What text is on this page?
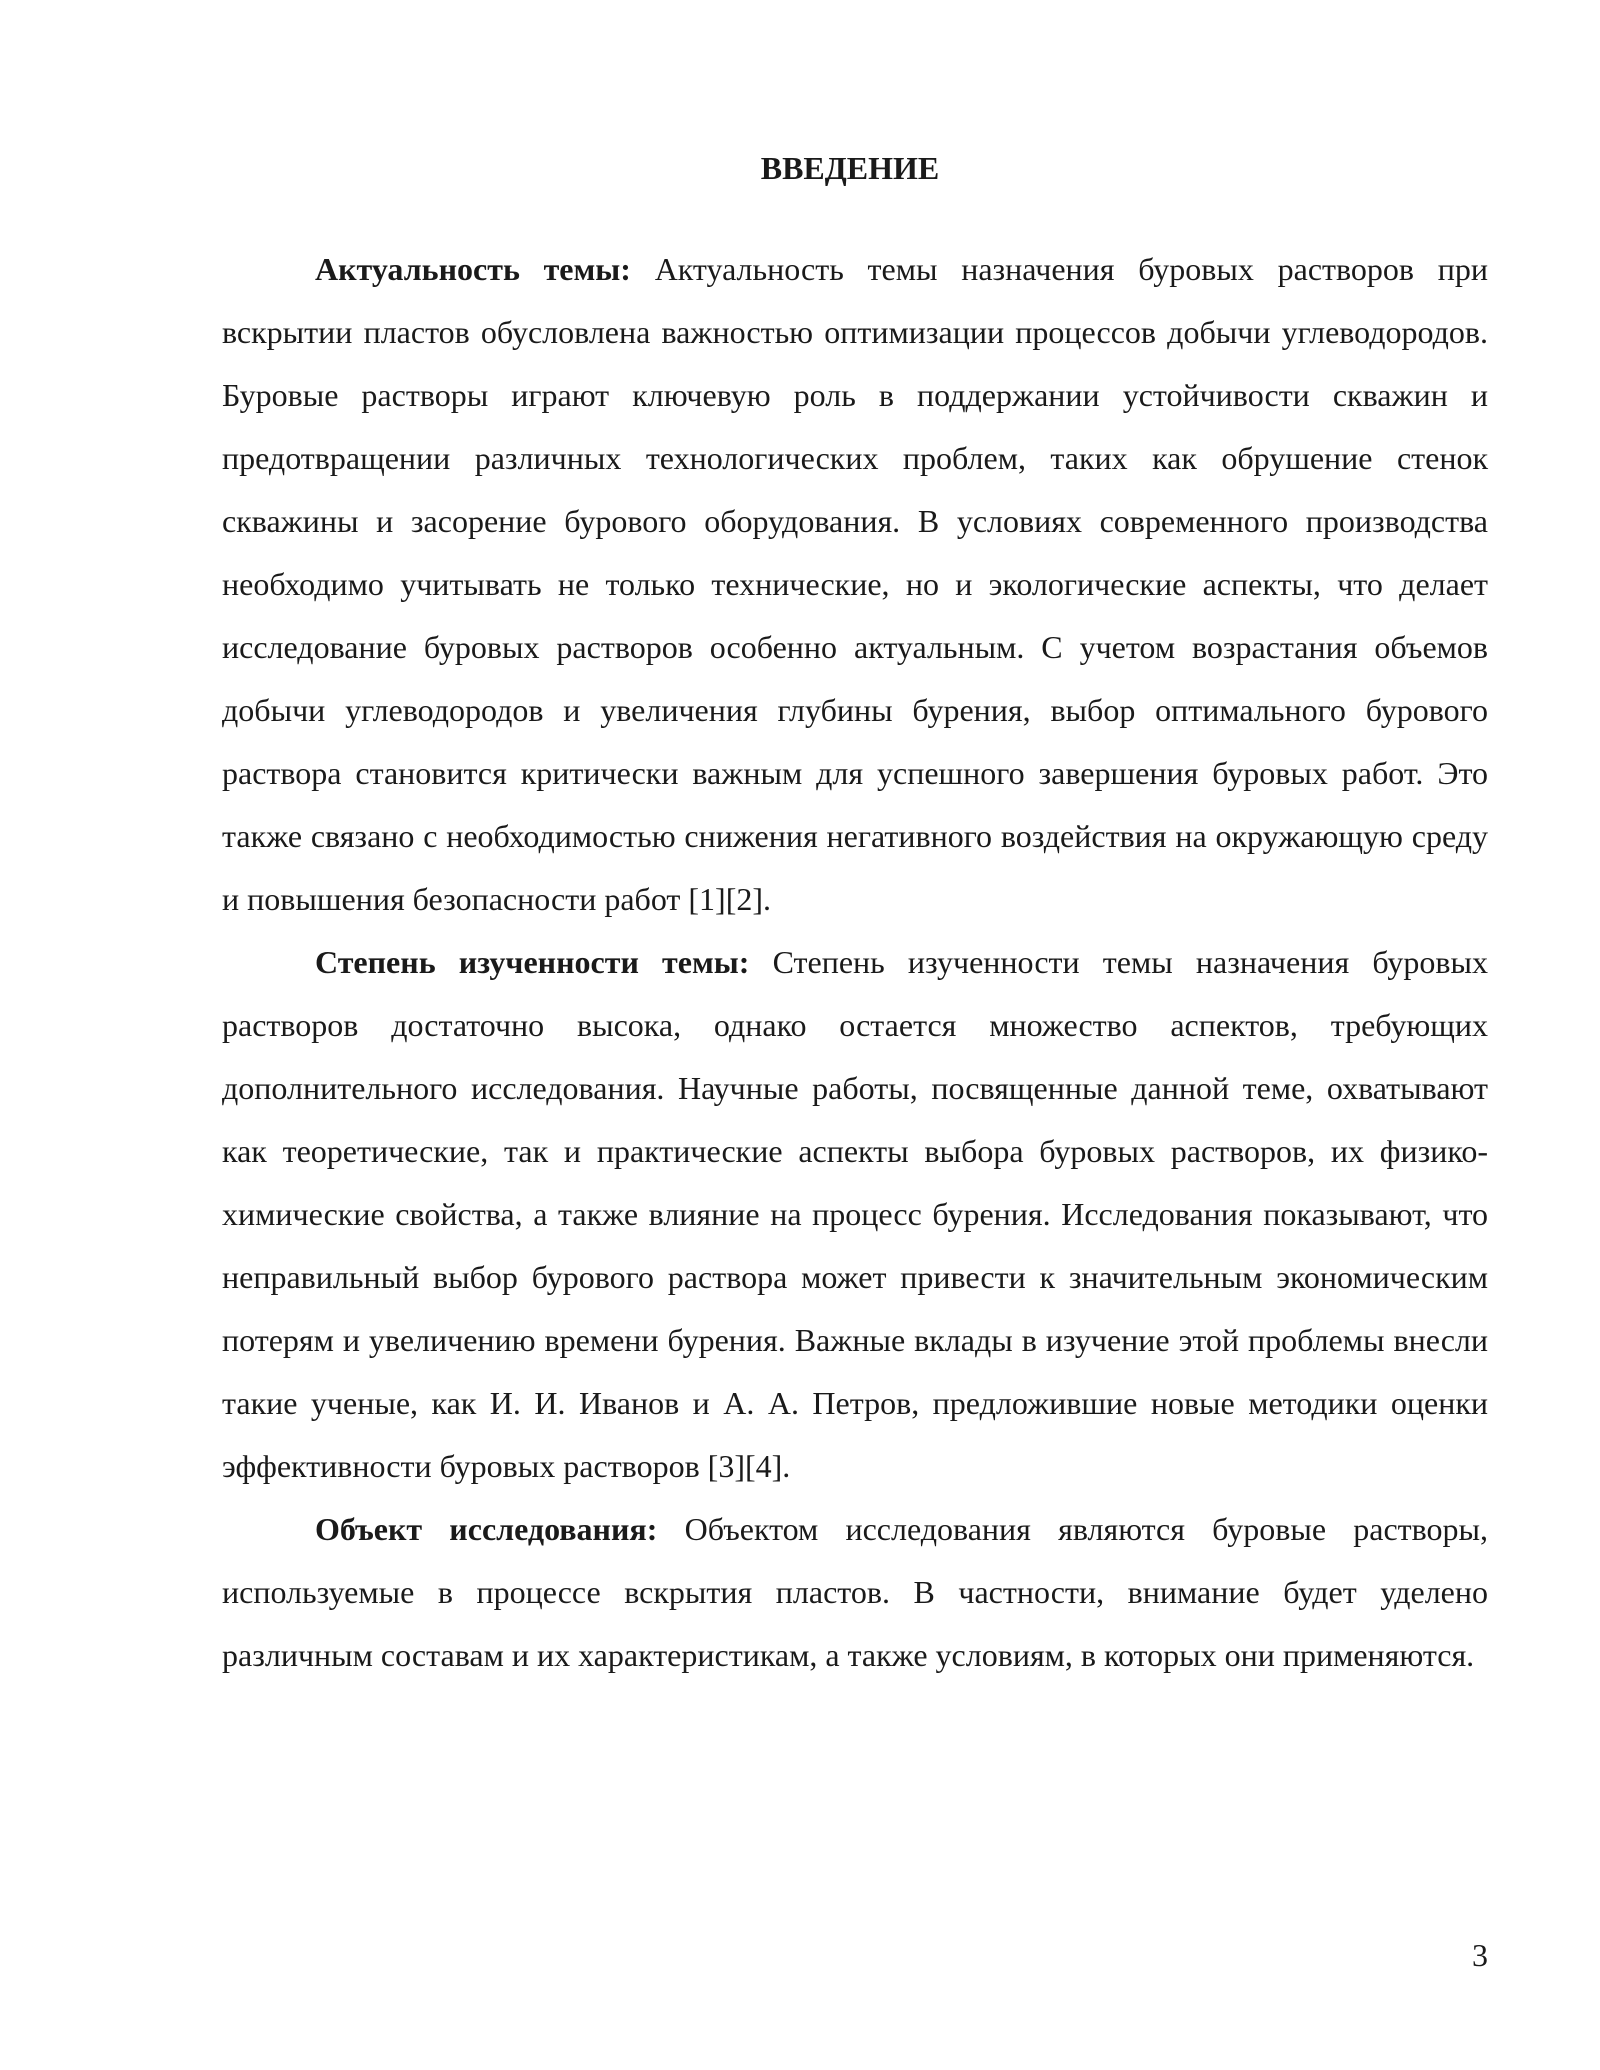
ВВЕДЕНИЕ

Актуальность темы: Актуальность темы назначения буровых растворов при вскрытии пластов обусловлена важностью оптимизации процессов добычи углеводородов. Буровые растворы играют ключевую роль в поддержании устойчивости скважин и предотвращении различных технологических проблем, таких как обрушение стенок скважины и засорение бурового оборудования. В условиях современного производства необходимо учитывать не только технические, но и экологические аспекты, что делает исследование буровых растворов особенно актуальным. С учетом возрастания объемов добычи углеводородов и увеличения глубины бурения, выбор оптимального бурового раствора становится критически важным для успешного завершения буровых работ. Это также связано с необходимостью снижения негативного воздействия на окружающую среду и повышения безопасности работ [1][2].

Степень изученности темы: Степень изученности темы назначения буровых растворов достаточно высока, однако остается множество аспектов, требующих дополнительного исследования. Научные работы, посвященные данной теме, охватывают как теоретические, так и практические аспекты выбора буровых растворов, их физико-химические свойства, а также влияние на процесс бурения. Исследования показывают, что неправильный выбор бурового раствора может привести к значительным экономическим потерям и увеличению времени бурения. Важные вклады в изучение этой проблемы внесли такие ученые, как И. И. Иванов и А. А. Петров, предложившие новые методики оценки эффективности буровых растворов [3][4].

Объект исследования: Объектом исследования являются буровые растворы, используемые в процессе вскрытия пластов. В частности, внимание будет уделено различным составам и их характеристикам, а также условиям, в которых они применяются.

3
